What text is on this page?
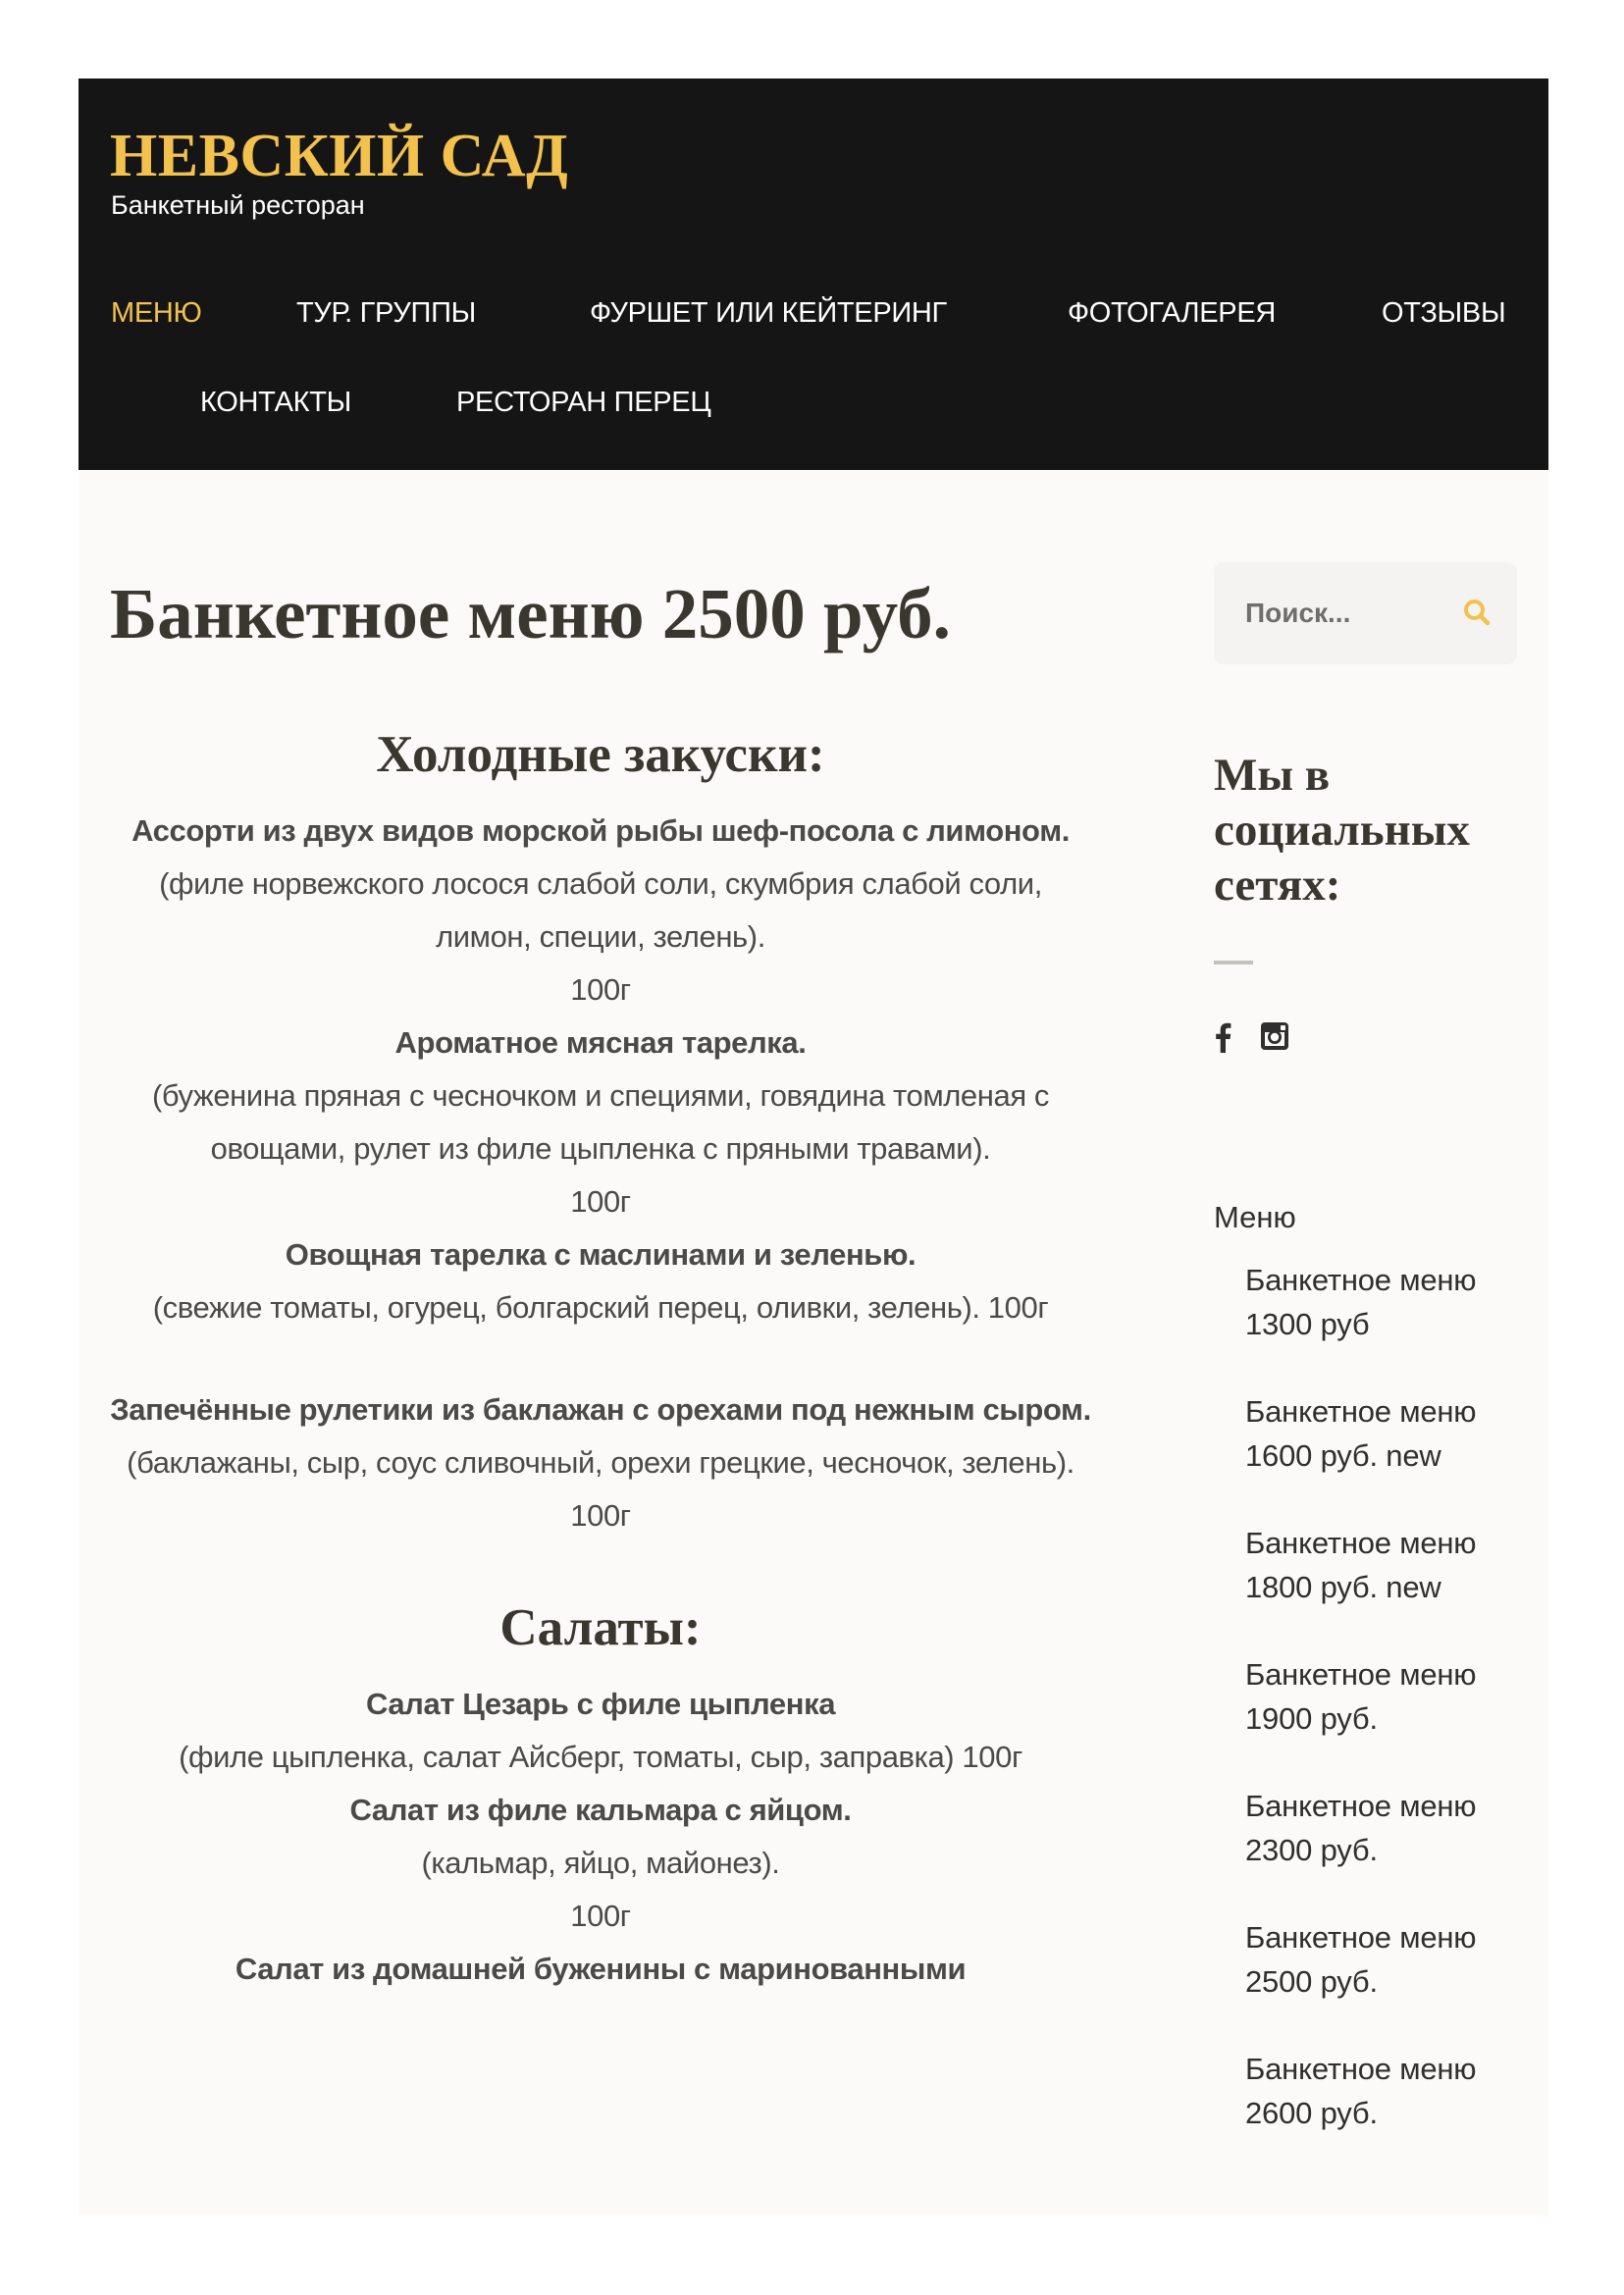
НЕВСКИЙ САД
Банкетный ресторан
МЕНЮ	ТУР. ГРУППЫ	ФУРШЕТ ИЛИ КЕЙТЕРИНГ	ФОТОГАЛЕРЕЯ	ОТЗЫВЫ
КОНТАКТЫ	РЕСТОРАН ПЕРЕЦ
Банкетное меню 2500 руб.
Холодные закуски:
Ассорти из двух видов морской рыбы шеф-посола с лимоном.
(филе норвежского лосося слабой соли, скумбрия слабой соли, лимон, специи, зелень).
100г
Ароматное мясная тарелка.
(буженина пряная с чесночком и специями, говядина томленая с овощами, рулет из филе цыпленка с пряными травами).
100г
Овощная тарелка с маслинами и зеленью.
(свежие томаты, огурец, болгарский перец, оливки, зелень). 100г
Запечённые рулетики из баклажан с орехами под нежным сыром.
(баклажаны, сыр, соус сливочный, орехи грецкие, чесночок, зелень).
100г
Салаты:
Салат Цезарь с филе цыпленка
(филе цыпленка, салат Айсберг, томаты, сыр, заправка) 100г
Салат из филе кальмара с яйцом.
(кальмар, яйцо, майонез).
100г
Салат из домашней буженины с маринованными
Поиск...
Мы в социальных сетях:
Меню
Банкетное меню 1300 руб
Банкетное меню 1600 руб. new
Банкетное меню 1800 руб. new
Банкетное меню 1900 руб.
Банкетное меню 2300 руб.
Банкетное меню 2500 руб.
Банкетное меню 2600 руб.
